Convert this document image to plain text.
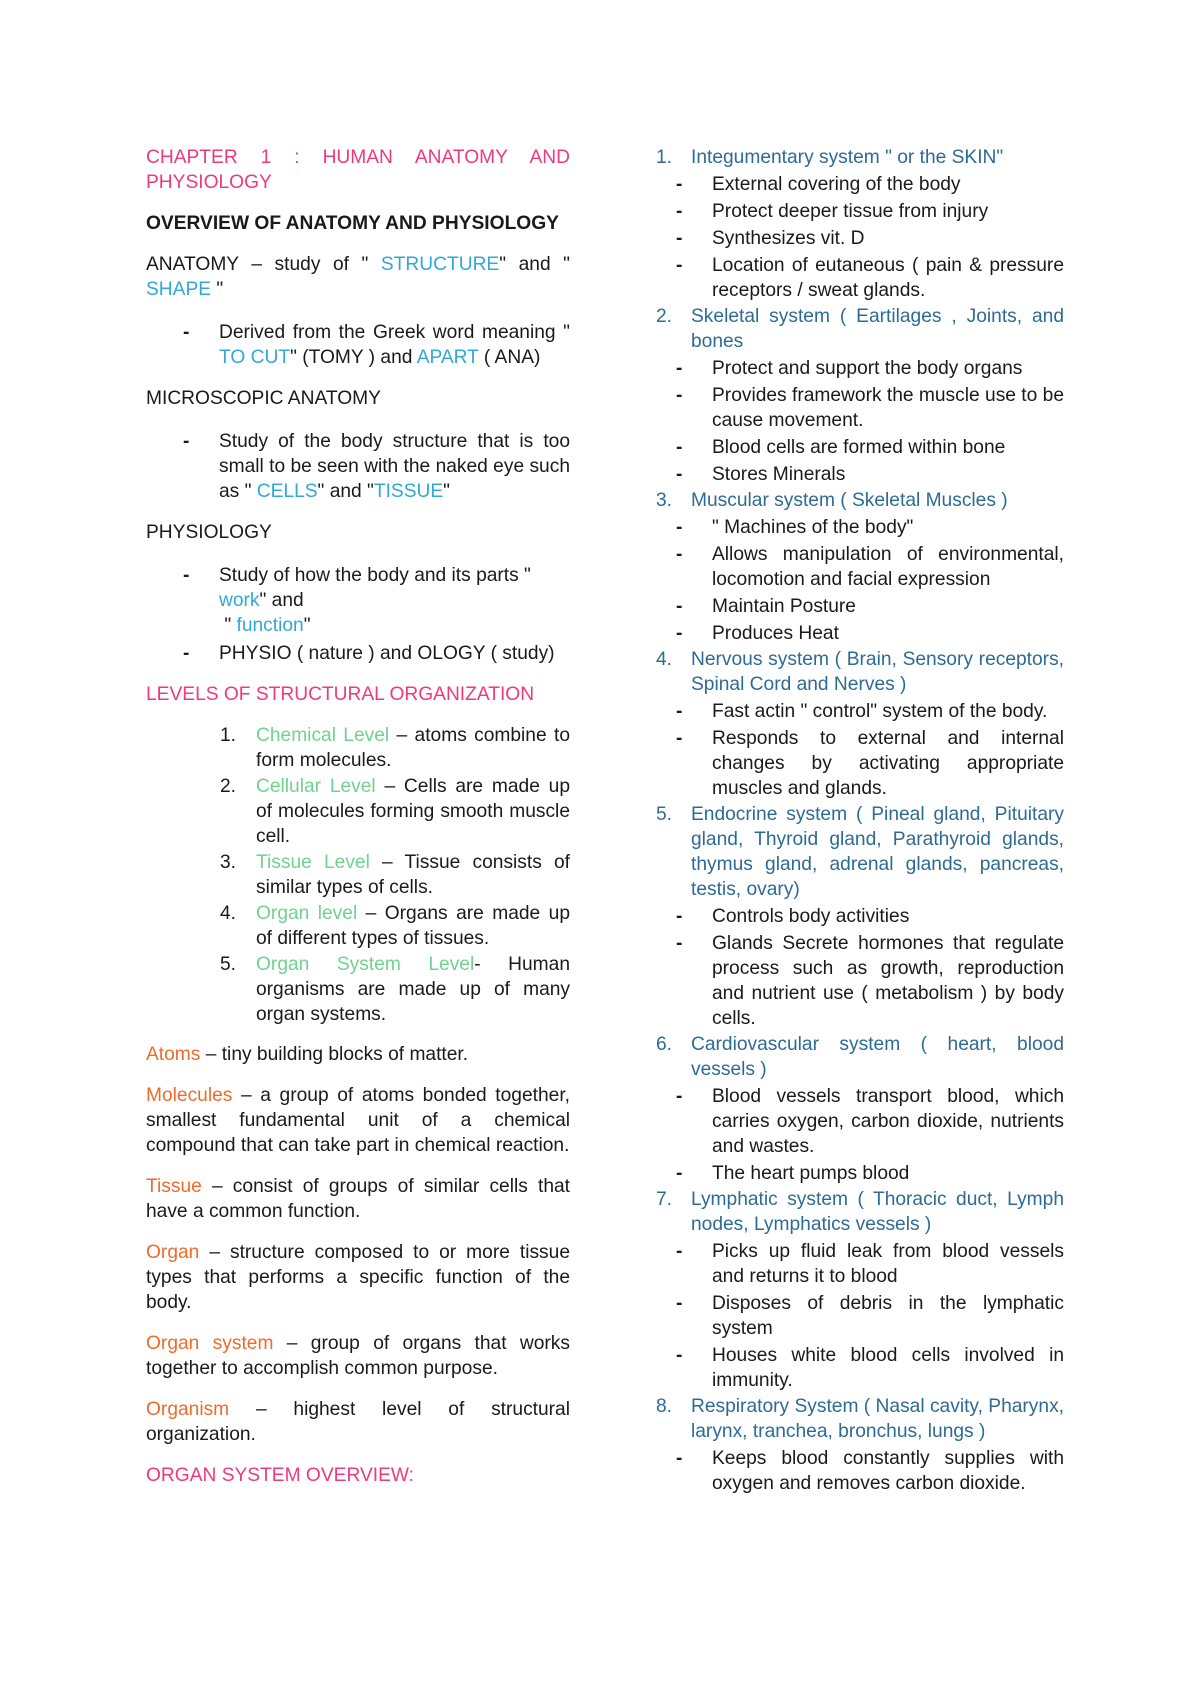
CHAPTER 1 : HUMAN ANATOMY AND PHYSIOLOGY

OVERVIEW OF ANATOMY AND PHYSIOLOGY

ANATOMY – study of " STRUCTURE" and " SHAPE "

- Derived from the Greek word meaning " TO CUT" (TOMY ) and APART ( ANA)

MICROSCOPIC ANATOMY

- Study of the body structure that is too small to be seen with the naked eye such as " CELLS" and "TISSUE"

PHYSIOLOGY

- Study of how the body and its parts "
work" and
" function"

- PHYSIO ( nature ) and OLOGY ( study)

LEVELS OF STRUCTURAL ORGANIZATION

1. Chemical Level – atoms combine to form molecules.

2. Cellular Level – Cells are made up of molecules forming smooth muscle cell.

3. Tissue Level – Tissue consists of similar types of cells.

4. Organ level – Organs are made up of different types of tissues.

5. Organ System Level- Human organisms are made up of many organ systems.

Atoms – tiny building blocks of matter.

Molecules – a group of atoms bonded together, smallest fundamental unit of a chemical compound that can take part in chemical reaction.

Tissue – consist of groups of similar cells that have a common function.

Organ – structure composed to or more tissue types that performs a specific function of the body.

Organ system – group of organs that works together to accomplish common purpose.

Organism – highest level of structural organization.

ORGAN SYSTEM OVERVIEW:

1. Integumentary system " or the SKIN"

- External covering of the body

- Protect deeper tissue from injury

- Synthesizes vit. D

- Location of eutaneous ( pain & pressure receptors / sweat glands.

2. Skeletal system ( Eartilages , Joints, and bones

- Protect and support the body organs

- Provides framework the muscle use to be cause movement.

- Blood cells are formed within bone

- Stores Minerals

3. Muscular system ( Skeletal Muscles )

- " Machines of the body"

- Allows manipulation of environmental, locomotion and facial expression

- Maintain Posture

- Produces Heat

4. Nervous system ( Brain, Sensory receptors, Spinal Cord and Nerves )

- Fast actin " control" system of the body.

- Responds to external and internal changes by activating appropriate muscles and glands.

5. Endocrine system ( Pineal gland, Pituitary gland, Thyroid gland, Parathyroid glands, thymus gland, adrenal glands, pancreas, testis, ovary)

- Controls body activities

- Glands Secrete hormones that regulate process such as growth, reproduction and nutrient use ( metabolism ) by body cells.

6. Cardiovascular system ( heart, blood vessels )

- Blood vessels transport blood, which carries oxygen, carbon dioxide, nutrients and wastes.

- The heart pumps blood

7. Lymphatic system ( Thoracic duct, Lymph nodes, Lymphatics vessels )

- Picks up fluid leak from blood vessels and returns it to blood

- Disposes of debris in the lymphatic system

- Houses white blood cells involved in immunity.

8. Respiratory System ( Nasal cavity, Pharynx, larynx, tranchea, bronchus, lungs )

- Keeps blood constantly supplies with oxygen and removes carbon dioxide.
